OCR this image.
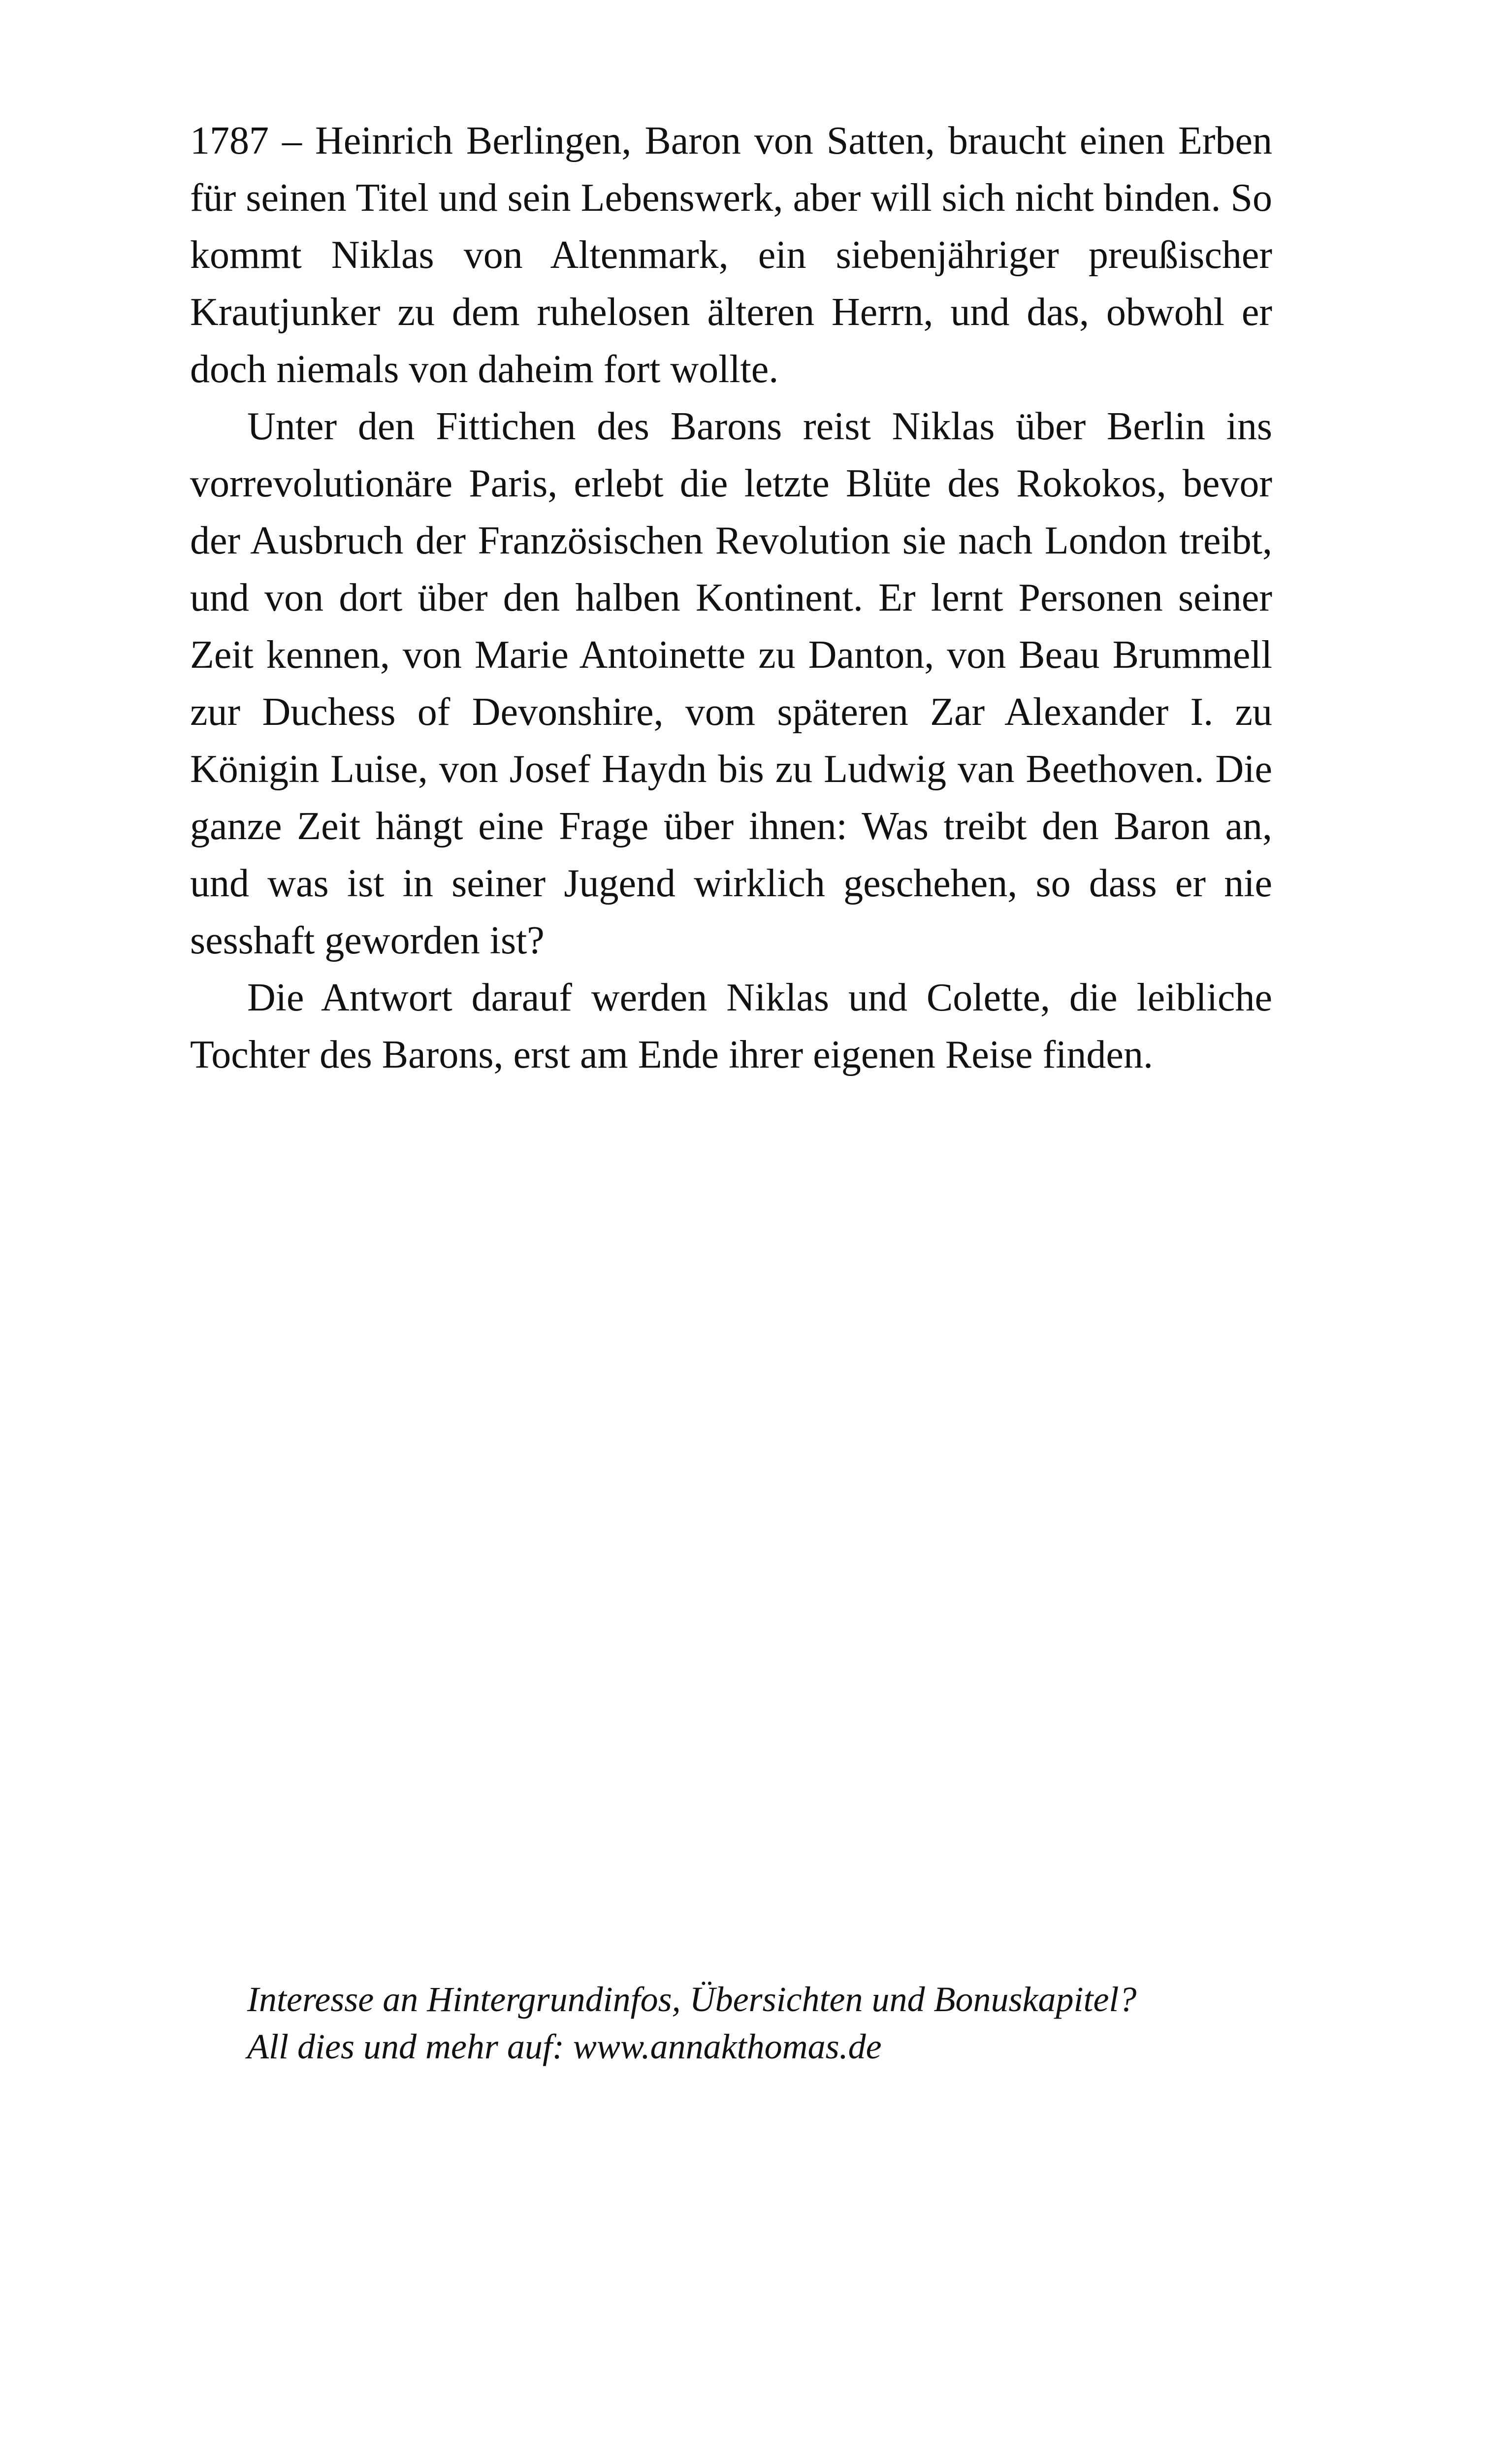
1787 – Heinrich Berlingen, Baron von Satten, braucht einen Erben für seinen Titel und sein Lebenswerk, aber will sich nicht binden. So kommt Niklas von Altenmark, ein siebenjähriger preußischer Krautjunker zu dem ruhelosen älteren Herrn, und das, obwohl er doch niemals von daheim fort wollte.

Unter den Fittichen des Barons reist Niklas über Berlin ins vorrevolutionäre Paris, erlebt die letzte Blüte des Rokokos, bevor der Ausbruch der Französischen Revolution sie nach London treibt, und von dort über den halben Kontinent. Er lernt Personen seiner Zeit kennen, von Marie Antoinette zu Danton, von Beau Brummell zur Duchess of Devonshire, vom späteren Zar Alexander I. zu Königin Luise, von Josef Haydn bis zu Ludwig van Beethoven. Die ganze Zeit hängt eine Frage über ihnen: Was treibt den Baron an, und was ist in seiner Jugend wirklich geschehen, so dass er nie sesshaft geworden ist?

Die Antwort darauf werden Niklas und Colette, die leibliche Tochter des Barons, erst am Ende ihrer eigenen Reise finden.

Interesse an Hintergrundinfos, Übersichten und Bonuskapitel?
All dies und mehr auf: www.annakthomas.de
